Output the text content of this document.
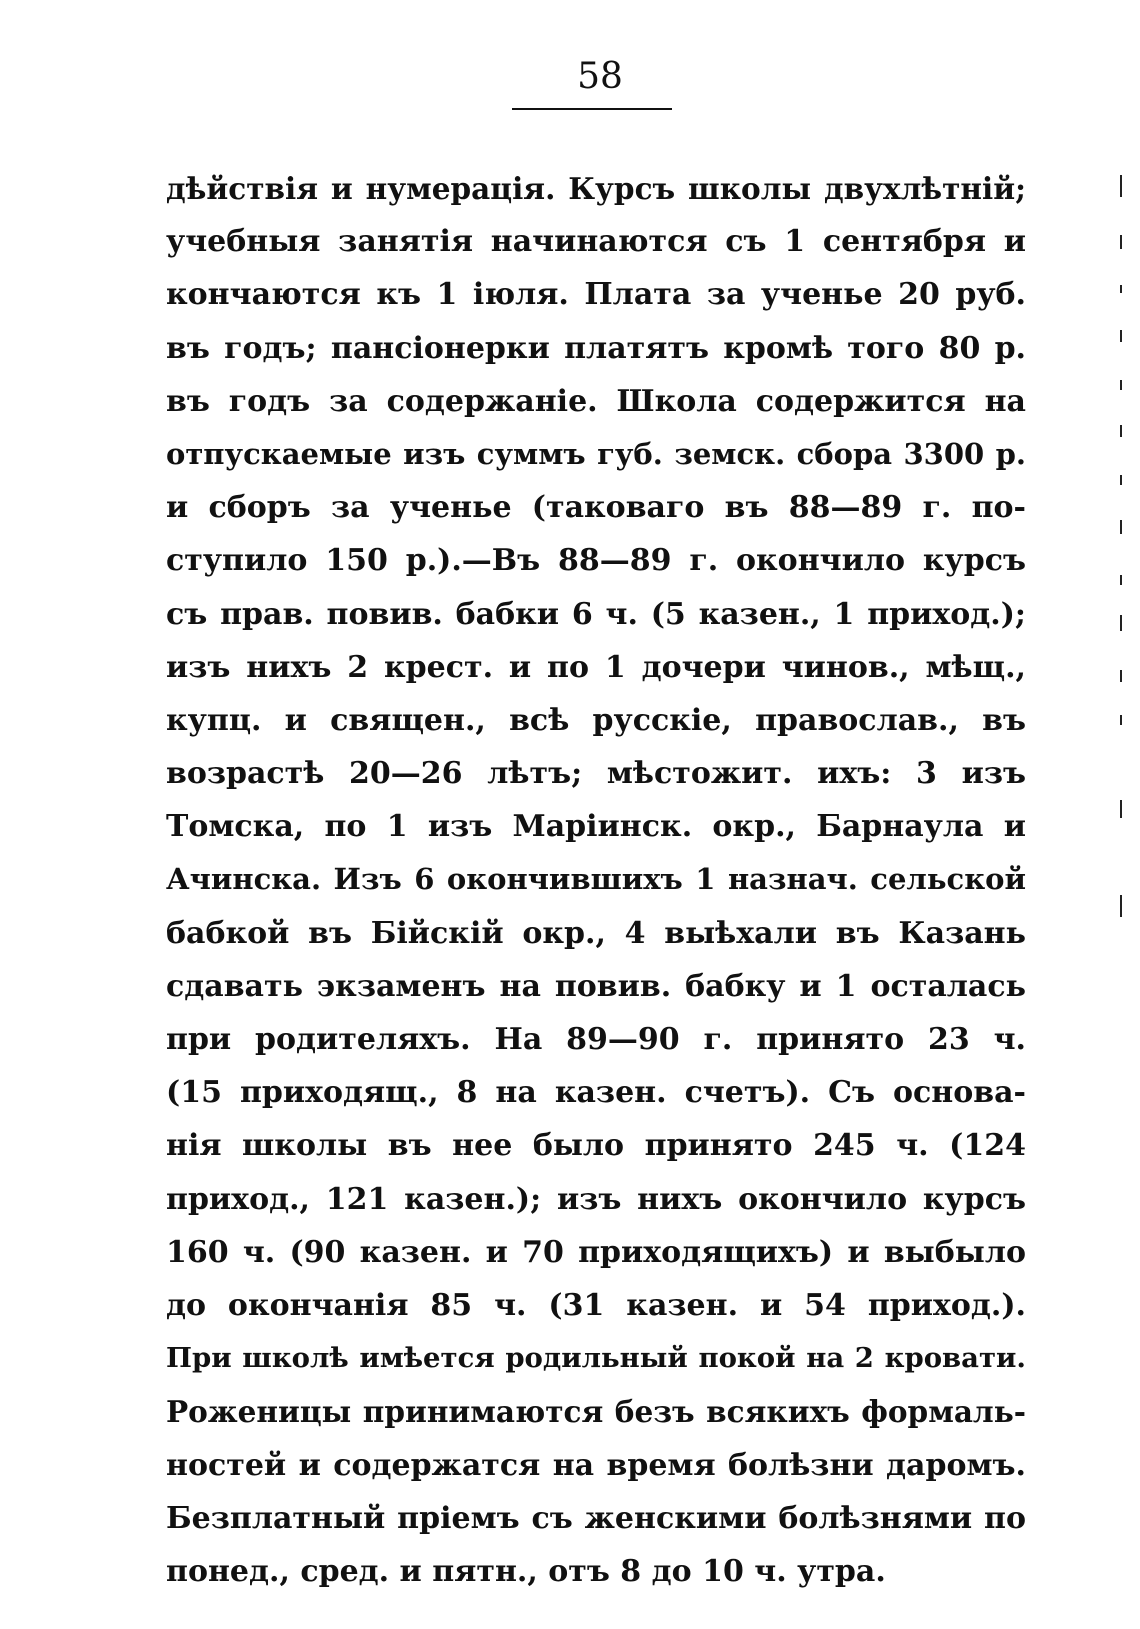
58
дѣйствія и нумерація. Курсъ школы двухлѣтній;
учебныя занятія начинаются съ 1 сентября и
кончаются къ 1 іюля. Плата за ученье 20 руб.
въ годъ; пансіонерки платятъ кромѣ того 80 р.
въ годъ за содержаніе. Школа содержится на
отпускаемые изъ суммъ губ. земск. сбора 3300 р.
и сборъ за ученье (таковаго въ 88—89 г. по-
ступило 150 р.).—Въ 88—89 г. окончило курсъ
съ прав. повив. бабки 6 ч. (5 казен., 1 приход.);
изъ нихъ 2 крест. и по 1 дочери чинов., мѣщ.,
купц. и священ., всѣ русскіе, православ., въ
возрастѣ 20—26 лѣтъ; мѣстожит. ихъ: 3 изъ
Томска, по 1 изъ Маріинск. окр., Барнаула и
Ачинска. Изъ 6 окончившихъ 1 назнач. сельской
бабкой въ Бійскій окр., 4 выѣхали въ Казань
сдавать экзаменъ на повив. бабку и 1 осталась
при родителяхъ. На 89—90 г. принято 23 ч.
(15 приходящ., 8 на казен. счетъ). Съ основа-
нія школы въ нее было принято 245 ч. (124
приход., 121 казен.); изъ нихъ окончило курсъ
160 ч. (90 казен. и 70 приходящихъ) и выбыло
до окончанія 85 ч. (31 казен. и 54 приход.).
При школѣ имѣется родильный покой на 2 кровати.
Роженицы принимаются безъ всякихъ формаль-
ностей и содержатся на время болѣзни даромъ.
Безплатный пріемъ съ женскими болѣзнями по
понед., сред. и пятн., отъ 8 до 10 ч. утра.
